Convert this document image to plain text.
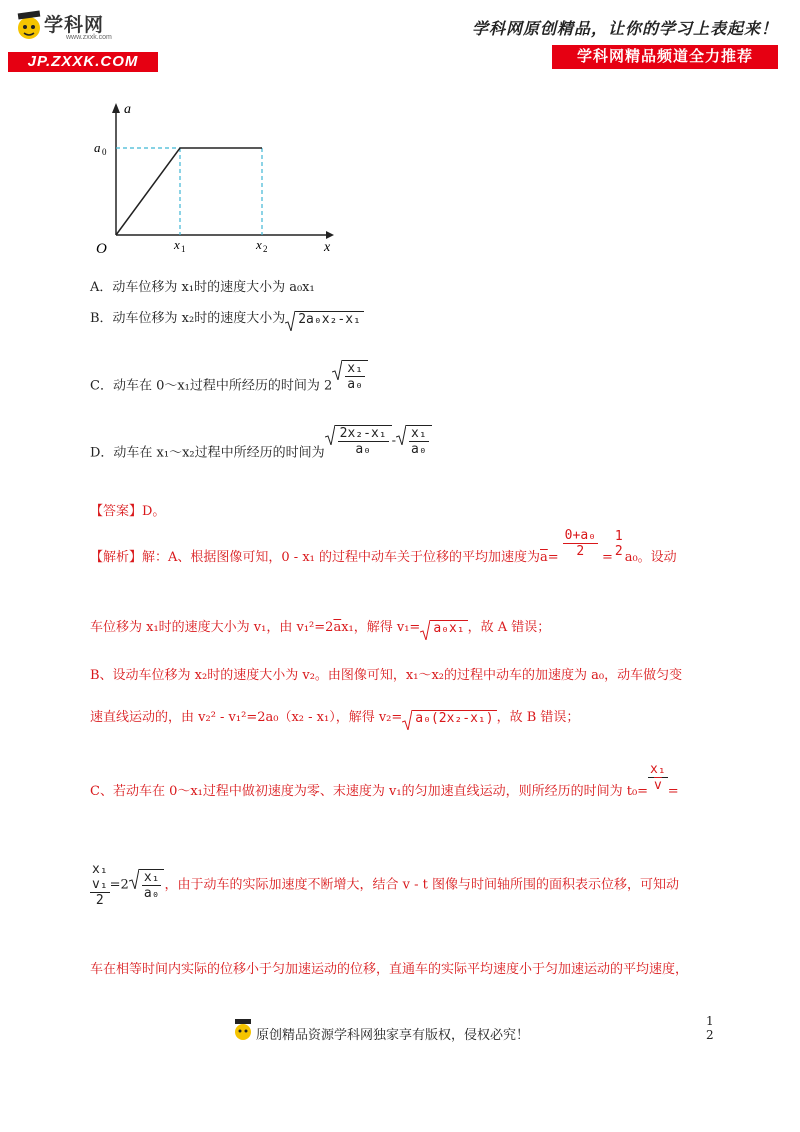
学科网
www.zxxk.com
JP.ZXXK.COM
学科网原创精品，让你的学习上表起来！
学科网精品频道全力推荐
a
x
O
a 0
x 1	x 2
A．动车位移为 x₁时的速度大小为 a₀x₁
B．动车位移为 x₂时的速度大小为 2a₀x₂-x₁
C．动车在 0～x₁过程中所经历的时间为 $2 \frac{\text{x₁}}{\text{a₀}}$
D．动车在 x₁～x₂过程中所经历的时间为 $\frac{\text{2x₂-x₁}}{\text{a₀}} - \frac{\text{x₁}}{\text{a₀}}$
【答案】D。
【解析】解：A、根据图像可知，0 - x₁ 的过程中动车关于位移的平均加速度为$\overline{a}= \frac{\text{0+a₀}}{2}$ =
1
2 a₀。设动
车位移为 x₁时的速度大小为 v₁，由 $v_1^2=2\overline{a}x_1$，解得 v₁= a₀x₁ ，故 A 错误；
B、设动车位移为 x₂时的速度大小为 v₂。由图像可知，x₁～x₂的过程中动车的加速度为 a₀，动车做匀变
速直线运动的，由 v₂² - v₁²=2a₀（x₂ - x₁），解得 v₂= a₀(2x₂-x₁) ，故 B 错误；
C、若动车在 0～x₁过程中做初速度为零、末速度为 v₁的匀加速直线运动，则所经历的时间为 $t_0= \frac{\text{x₁}}{v}$ =
x₁
v₁
2
$=2 \frac{\text{x₁}}{\text{a₀}}$ ，由于动车的实际加速度不断增大，结合 v - t 图像与时间轴所围的面积表示位移，可知动
车在相等时间内实际的位移小于匀加速运动的位移，直通车的实际平均速度小于匀加速运动的平均速度，
原创精品资源学科网独家享有版权，侵权必究！
1
2
